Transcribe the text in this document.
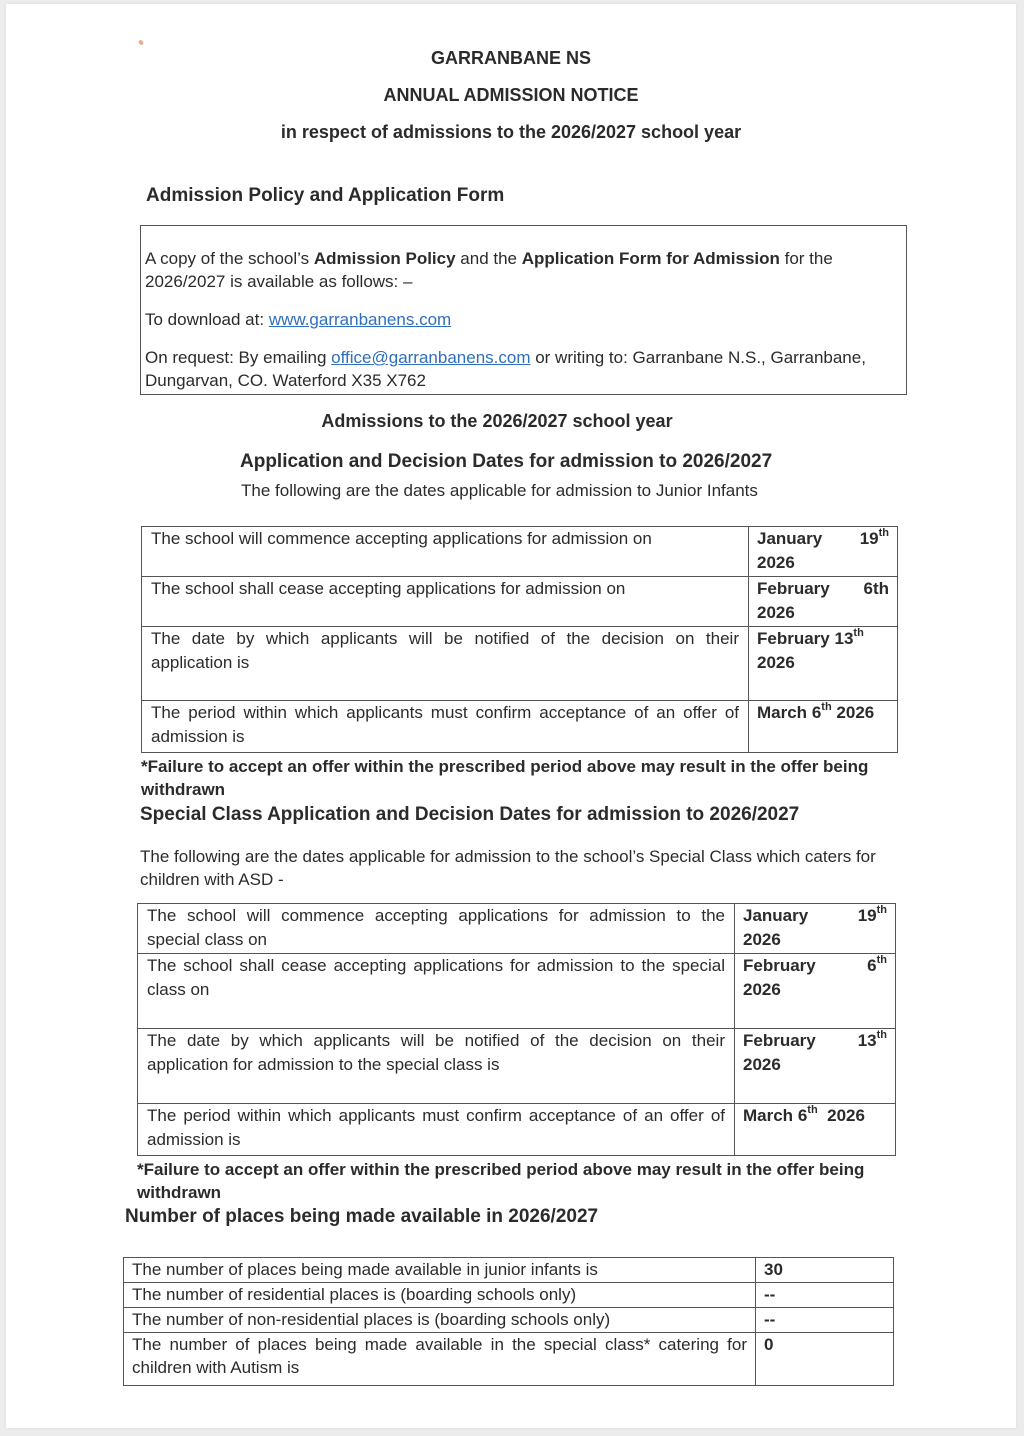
GARRANBANE NS
ANNUAL ADMISSION NOTICE
in respect of admissions to the 2026/2027 school year
Admission Policy and Application Form

A copy of the school’s Admission Policy and the Application Form for Admission for the 2026/2027 is available as follows: –

To download at: www.garranbanens.com

On request: By emailing office@garranbanens.com or writing to: Garranbane N.S., Garranbane, Dungarvan, CO. Waterford X35 X762

Admissions to the 2026/2027 school year
Application and Decision Dates for admission to 2026/2027
The following are the dates applicable for admission to Junior Infants
The school will commence accepting applications for admission on	January 19th
2026

The school shall cease accepting applications for admission on	February 6th
2026

The date by which applicants will be notified of the decision on their application is	February 13th
2026

The period within which applicants must confirm acceptance of an offer of admission is	March 6th 2026
*Failure to accept an offer within the prescribed period above may result in the offer being withdrawn
Special Class Application and Decision Dates for admission to 2026/2027
The following are the dates applicable for admission to the school’s Special Class which caters for children with ASD -
The school will commence accepting applications for admission to the special class on	January 19th
2026

The school shall cease accepting applications for admission to the special class on	February 6th
2026

The date by which applicants will be notified of the decision on their application for admission to the special class is	February 13th
2026

The period within which applicants must confirm acceptance of an offer of admission is	March 6th 2026
*Failure to accept an offer within the prescribed period above may result in the offer being withdrawn
Number of places being made available in 2026/2027
The number of places being made available in junior infants is	30
The number of residential places is (boarding schools only)	--
The number of non-residential places is (boarding schools only)	--
The number of places being made available in the special class* catering for children with Autism is	0
